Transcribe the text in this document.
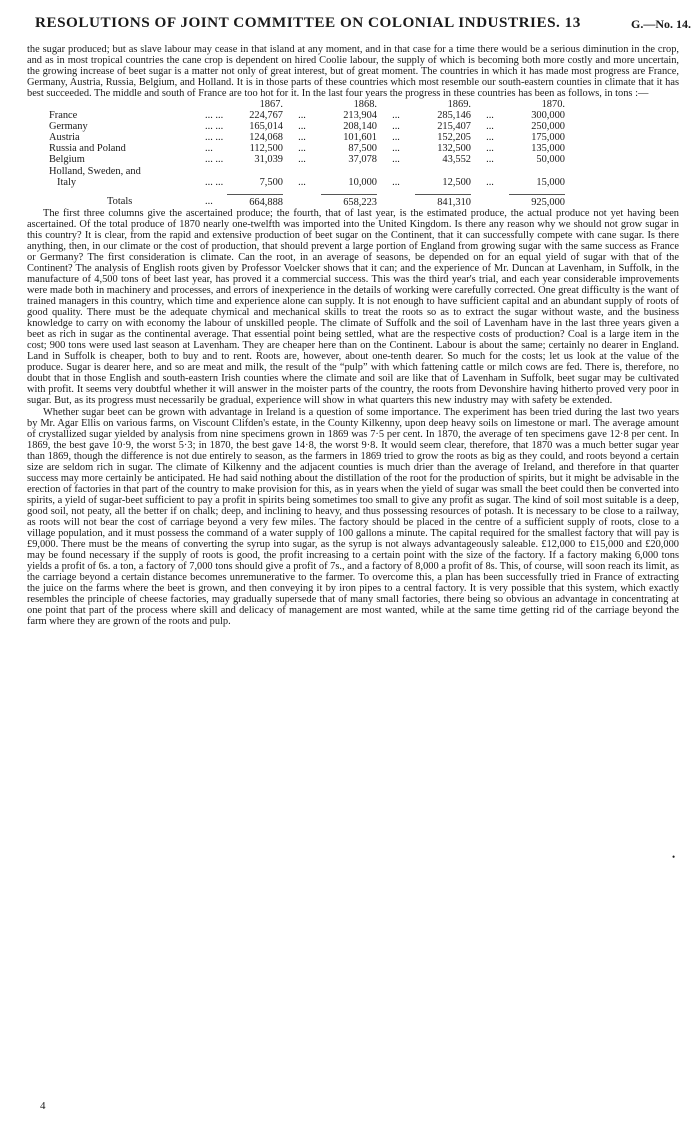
RESOLUTIONS OF JOINT COMMITTEE ON COLONIAL INDUSTRIES. 13	G.—No. 14.

the sugar produced; but as slave labour may cease in that island at any moment, and in that case for a time there would be a serious diminution in the crop, and as in most tropical countries the cane crop is dependent on hired Coolie labour, the supply of which is becoming both more costly and more uncertain, the growing increase of beet sugar is a matter not only of great interest, but of great moment. The countries in which it has made most progress are France, Germany, Austria, Russia, Belgium, and Holland. It is in those parts of these countries which most resemble our south-eastern counties in climate that it has best succeeded. The middle and south of France are too hot for it. In the last four years the progress in these countries has been as follows, in tons :—

		1867.		1868.		1869.		1870.
France	... ...	224,767	...	213,904	...	285,146	...	300,000
Germany	... ...	165,014	...	208,140	...	215,407	...	250,000
Austria	... ...	124,068	...	101,601	...	152,205	...	175,000
Russia and Poland	...	112,500	...	87,500	...	132,500	...	135,000
Belgium	... ...	31,039	...	37,078	...	43,552	...	50,000
Holland, Sweden, and								
Italy	... ...	7,500	...	10,000	...	12,500	...	15,000

Totals	...	664,888		658,223		841,310		925,000

The first three columns give the ascertained produce; the fourth, that of last year, is the estimated produce, the actual produce not yet having been ascertained. Of the total produce of 1870 nearly one-twelfth was imported into the United Kingdom. Is there any reason why we should not grow sugar in this country? It is clear, from the rapid and extensive production of beet sugar on the Continent, that it can successfully compete with cane sugar. Is there anything, then, in our climate or the cost of production, that should prevent a large portion of England from growing sugar with the same success as France or Germany? The first consideration is climate. Can the root, in an average of seasons, be depended on for an equal yield of sugar with that of the Continent? The analysis of English roots given by Professor Voelcker shows that it can; and the experience of Mr. Duncan at Lavenham, in Suffolk, in the manufacture of 4,500 tons of beet last year, has proved it a commercial success. This was the third year's trial, and each year considerable improvements were made both in machinery and processes, and errors of inexperience in the details of working were carefully corrected. One great difficulty is the want of trained managers in this country, which time and experience alone can supply. It is not enough to have sufficient capital and an abundant supply of roots of good quality. There must be the adequate chymical and mechanical skills to treat the roots so as to extract the sugar without waste, and the business knowledge to carry on with economy the labour of unskilled people. The climate of Suffolk and the soil of Lavenham have in the last three years given a beet as rich in sugar as the continental average. That essential point being settled, what are the respective costs of production? Coal is a large item in the cost; 900 tons were used last season at Lavenham. They are cheaper here than on the Continent. Labour is about the same; certainly no dearer in England. Land in Suffolk is cheaper, both to buy and to rent. Roots are, however, about one-tenth dearer. So much for the costs; let us look at the value of the produce. Sugar is dearer here, and so are meat and milk, the result of the “pulp” with which fattening cattle or milch cows are fed. There is, therefore, no doubt that in those English and south-eastern Irish counties where the climate and soil are like that of Lavenham in Suffolk, beet sugar may be cultivated with profit. It seems very doubtful whether it will answer in the moister parts of the country, the roots from Devonshire having hitherto proved very poor in sugar. But, as its progress must necessarily be gradual, experience will show in what quarters this new industry may with safety be extended.

Whether sugar beet can be grown with advantage in Ireland is a question of some importance. The experiment has been tried during the last two years by Mr. Agar Ellis on various farms, on Viscount Clifden's estate, in the County Kilkenny, upon deep heavy soils on limestone or marl. The average amount of crystallized sugar yielded by analysis from nine specimens grown in 1869 was 7·5 per cent. In 1870, the average of ten specimens gave 12·8 per cent. In 1869, the best gave 10·9, the worst 5·3; in 1870, the best gave 14·8, the worst 9·8. It would seem clear, therefore, that 1870 was a much better sugar year than 1869, though the difference is not due entirely to season, as the farmers in 1869 tried to grow the roots as big as they could, and roots beyond a certain size are seldom rich in sugar. The climate of Kilkenny and the adjacent counties is much drier than the average of Ireland, and therefore in that quarter success may more certainly be anticipated. He had said nothing about the distillation of the root for the production of spirits, but it might be advisable in the erection of factories in that part of the country to make provision for this, as in years when the yield of sugar was small the beet could then be converted into spirits, a yield of sugar-beet sufficient to pay a profit in spirits being sometimes too small to give any profit as sugar. The kind of soil most suitable is a deep, good soil, not peaty, all the better if on chalk; deep, and inclining to heavy, and thus possessing resources of potash. It is necessary to be close to a railway, as roots will not bear the cost of carriage beyond a very few miles. The factory should be placed in the centre of a sufficient supply of roots, close to a village population, and it must possess the command of a water supply of 100 gallons a minute. The capital required for the smallest factory that will pay is £9,000. There must be the means of converting the syrup into sugar, as the syrup is not always advantageously saleable. £12,000 to £15,000 and £20,000 may be found necessary if the supply of roots is good, the profit increasing to a certain point with the size of the factory. If a factory making 6,000 tons yields a profit of 6s. a ton, a factory of 7,000 tons should give a profit of 7s., and a factory of 8,000 a profit of 8s. This, of course, will soon reach its limit, as the carriage beyond a certain distance becomes unremunerative to the farmer. To overcome this, a plan has been successfully tried in France of extracting the juice on the farms where the beet is grown, and then conveying it by iron pipes to a central factory. It is very possible that this system, which exactly resembles the principle of cheese factories, may gradually supersede that of many small factories, there being so obvious an advantage in concentrating at one point that part of the process where skill and delicacy of management are most wanted, while at the same time getting rid of the carriage beyond the farm where they are grown of the roots and pulp.

4
•
